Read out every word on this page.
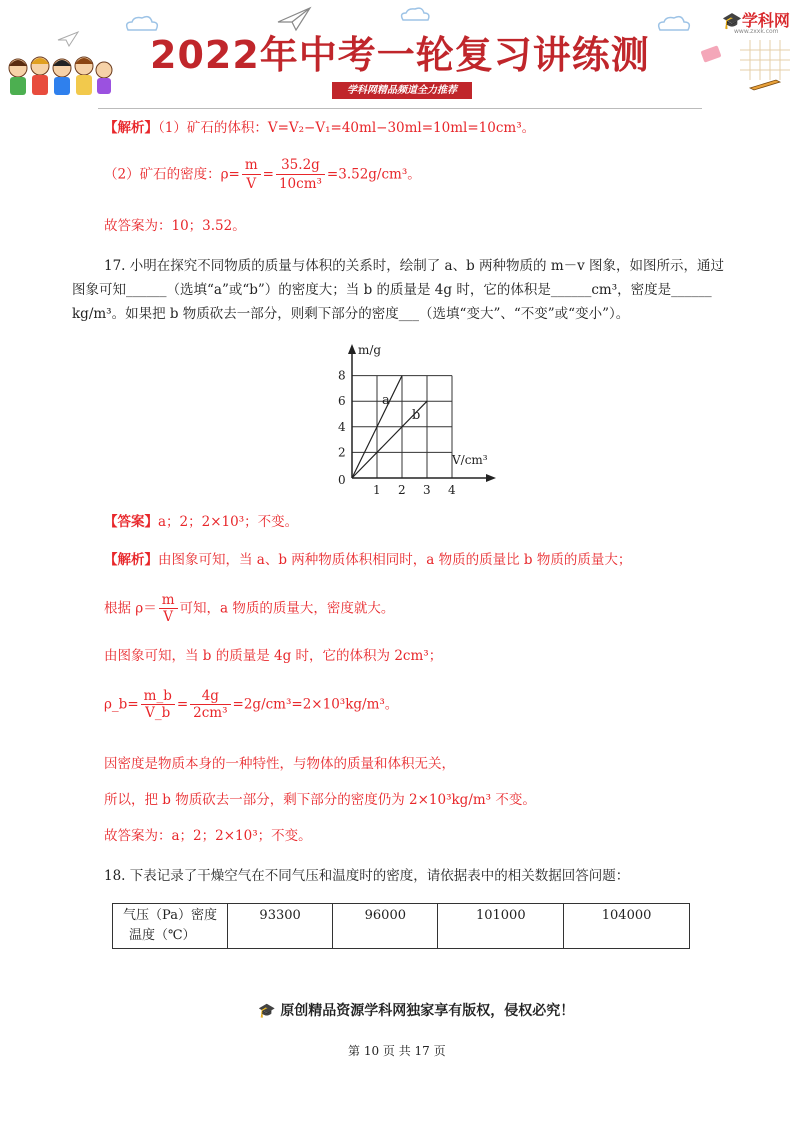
2022年中考一轮复习讲练测
学科网精品频道全力推荐
🎓学科网
www.zxxk.com
【解析】（1）矿石的体积：V=V₂−V₁=40ml−30ml=10ml=10cm³。
（2）矿石的密度：$\rho= \frac{m}{V} = \frac{35.2g}{\text{10cm³}} =3.52g/cm^3$。
故答案为：10；3.52。
17. 小明在探究不同物质的质量与体积的关系时，绘制了 a、b 两种物质的 m－v 图象，如图所示，通过
图象可知______（选填“a”或“b”）的密度大；当 b 的质量是 4g 时，它的体积是______cm³，密度是______
kg/m³。如果把 b 物质砍去一部分，则剩下部分的密度___（选填“变大”、“不变”或“变小”）。
m/g
V/cm³
0
1 2 3 4
2
4
6
8
a
b
【答案】a；2；2×10³；不变。
【解析】由图象可知，当 a、b 两种物质体积相同时，a 物质的质量比 b 物质的质量大；
根据 $\rho= \frac{m}{V}$ 可知，a 物质的质量大，密度就大。
由图象可知，当 b 的质量是 4g 时，它的体积为 2cm³；
ρ_b= $\frac{m\_b}{V\_b} = \frac{4g}{\text{2cm³}} =2g/cm^3=2\times 10^3kg/m^3$。
因密度是物质本身的一种特性，与物体的质量和体积无关，
所以，把 b 物质砍去一部分，剩下部分的密度仍为 2×10³kg/m³ 不变。
故答案为：a；2；2×10³；不变。
18. 下表记录了干燥空气在不同气压和温度时的密度，请依据表中的相关数据回答问题：
气压（Pa）密度
温度（℃）
	93300	96000	101000	104000
🎓 原创精品资源学科网独家享有版权，侵权必究！
第 10 页 共 17 页
